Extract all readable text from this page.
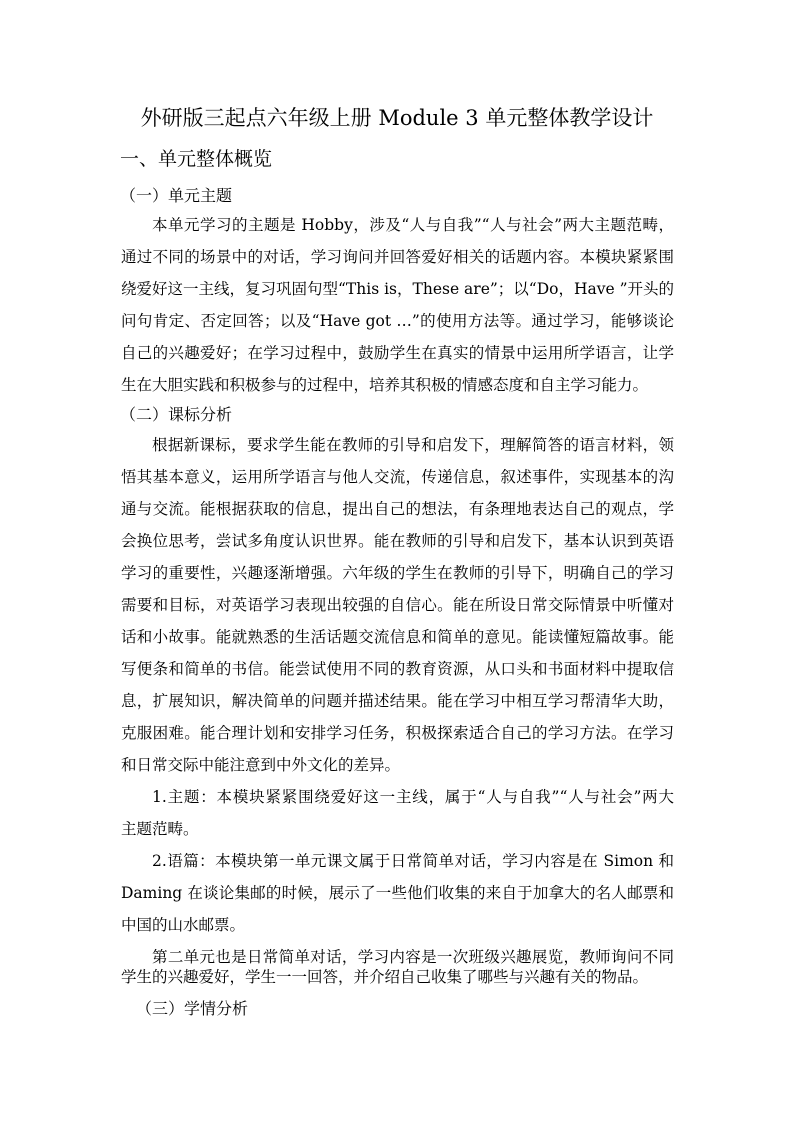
外研版三起点六年级上册 Module 3 单元整体教学设计
一、单元整体概览
（一）单元主题
本单元学习的主题是 Hobby，涉及“人与自我”“人与社会”两大主题范畴，
通过不同的场景中的对话，学习询问并回答爱好相关的话题内容。本模块紧紧围
绕爱好这一主线，复习巩固句型“This is，These are”；以“Do，Have ”开头的
问句肯定、否定回答；以及“Have got …”的使用方法等。通过学习，能够谈论
自己的兴趣爱好；在学习过程中，鼓励学生在真实的情景中运用所学语言，让学
生在大胆实践和积极参与的过程中，培养其积极的情感态度和自主学习能力。
（二）课标分析
根据新课标，要求学生能在教师的引导和启发下，理解简答的语言材料，领
悟其基本意义，运用所学语言与他人交流，传递信息，叙述事件，实现基本的沟
通与交流。能根据获取的信息，提出自己的想法，有条理地表达自己的观点，学
会换位思考，尝试多角度认识世界。能在教师的引导和启发下，基本认识到英语
学习的重要性，兴趣逐渐增强。六年级的学生在教师的引导下，明确自己的学习
需要和目标，对英语学习表现出较强的自信心。能在所设日常交际情景中听懂对
话和小故事。能就熟悉的生活话题交流信息和简单的意见。能读懂短篇故事。能
写便条和简单的书信。能尝试使用不同的教育资源，从口头和书面材料中提取信
息，扩展知识，解决简单的问题并描述结果。能在学习中相互学习帮清华大助，
克服困难。能合理计划和安排学习任务，积极探索适合自己的学习方法。在学习
和日常交际中能注意到中外文化的差异。
1.主题：本模块紧紧围绕爱好这一主线，属于“人与自我”“人与社会”两大
主题范畴。
2.语篇：本模块第一单元课文属于日常简单对话，学习内容是在 Simon 和
Daming 在谈论集邮的时候，展示了一些他们收集的来自于加拿大的名人邮票和
中国的山水邮票。
第二单元也是日常简单对话，学习内容是一次班级兴趣展览，教师询问不同
学生的兴趣爱好，学生一一回答，并介绍自己收集了哪些与兴趣有关的物品。
（三）学情分析
